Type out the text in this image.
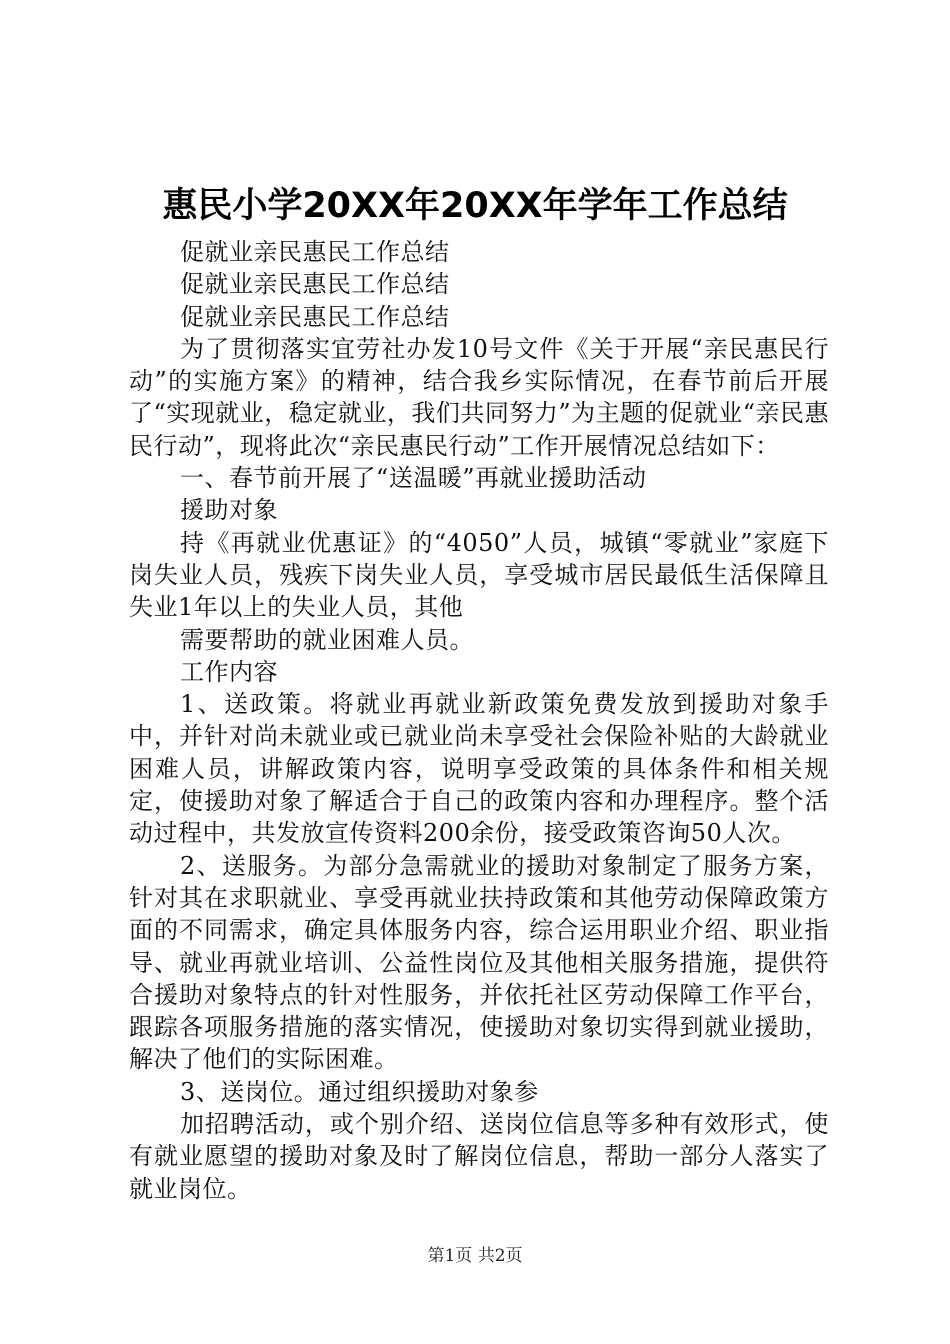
惠民小学20XX年20XX年学年工作总结

促就业亲民惠民工作总结

促就业亲民惠民工作总结

促就业亲民惠民工作总结

为了贯彻落实宜劳社办发10号文件《关于开展“亲民惠民行动”的实施方案》的精神，结合我乡实际情况，在春节前后开展了“实现就业，稳定就业，我们共同努力”为主题的促就业“亲民惠民行动”，现将此次“亲民惠民行动”工作开展情况总结如下：

一、春节前开展了“送温暖”再就业援助活动

援助对象

持《再就业优惠证》的“4050”人员，城镇“零就业”家庭下岗失业人员，残疾下岗失业人员，享受城市居民最低生活保障且失业1年以上的失业人员，其他

需要帮助的就业困难人员。

工作内容

1、送政策。将就业再就业新政策免费发放到援助对象手中，并针对尚未就业或已就业尚未享受社会保险补贴的大龄就业困难人员，讲解政策内容，说明享受政策的具体条件和相关规定，使援助对象了解适合于自己的政策内容和办理程序。整个活动过程中，共发放宣传资料200余份，接受政策咨询50人次。

2、送服务。为部分急需就业的援助对象制定了服务方案，针对其在求职就业、享受再就业扶持政策和其他劳动保障政策方面的不同需求，确定具体服务内容，综合运用职业介绍、职业指导、就业再就业培训、公益性岗位及其他相关服务措施，提供符合援助对象特点的针对性服务，并依托社区劳动保障工作平台，跟踪各项服务措施的落实情况，使援助对象切实得到就业援助，解决了他们的实际困难。

3、送岗位。通过组织援助对象参

加招聘活动，或个别介绍、送岗位信息等多种有效形式，使有就业愿望的援助对象及时了解岗位信息，帮助一部分人落实了就业岗位。

第1页 共2页
